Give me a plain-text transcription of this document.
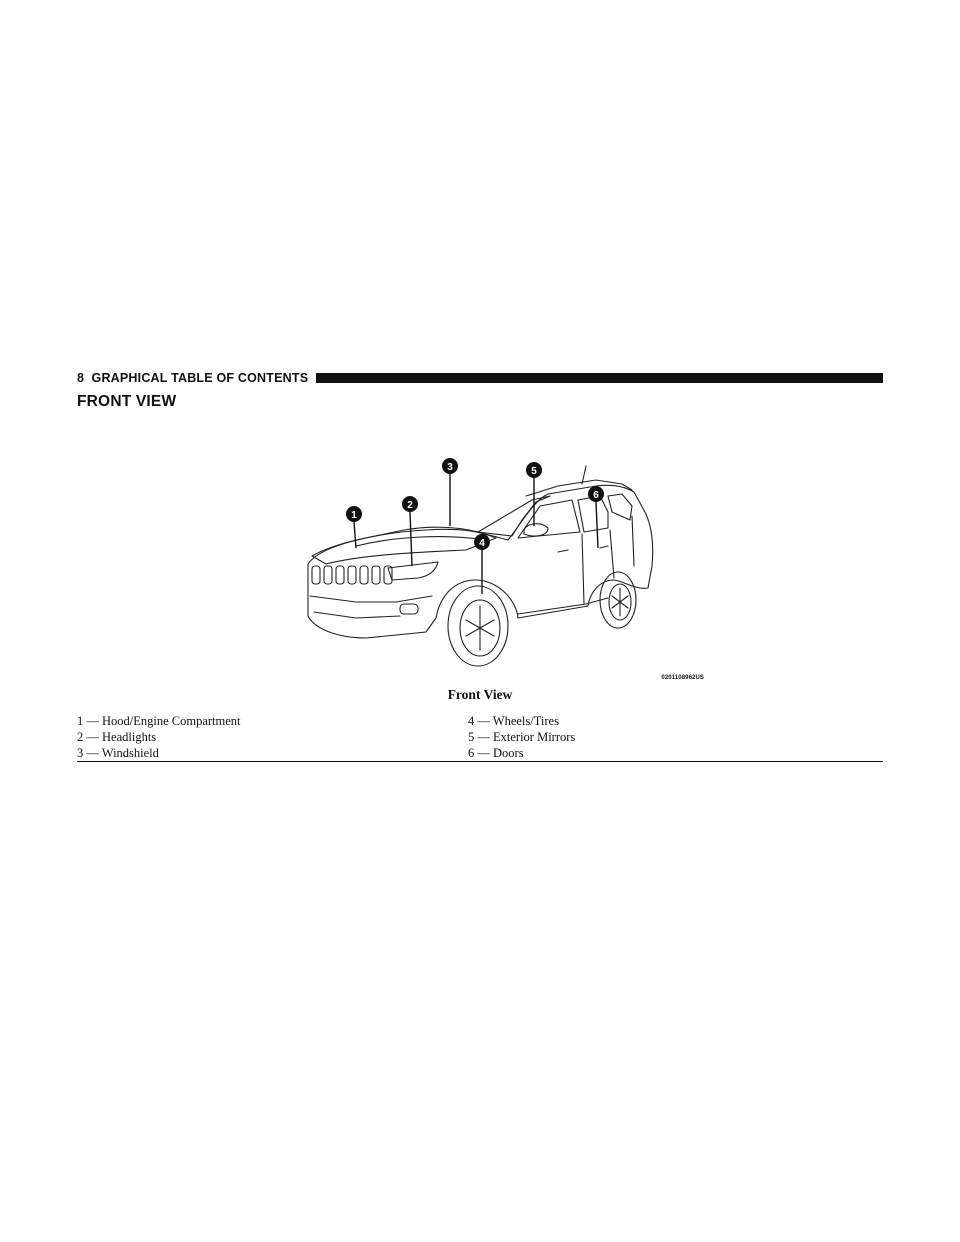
8 GRAPHICAL TABLE OF CONTENTS
FRONT VIEW
1
2
3
4
5
6
0201108962US
Front View
1 — Hood/Engine Compartment	4 — Wheels/Tires
2 — Headlights	5 — Exterior Mirrors
3 — Windshield	6 — Doors
